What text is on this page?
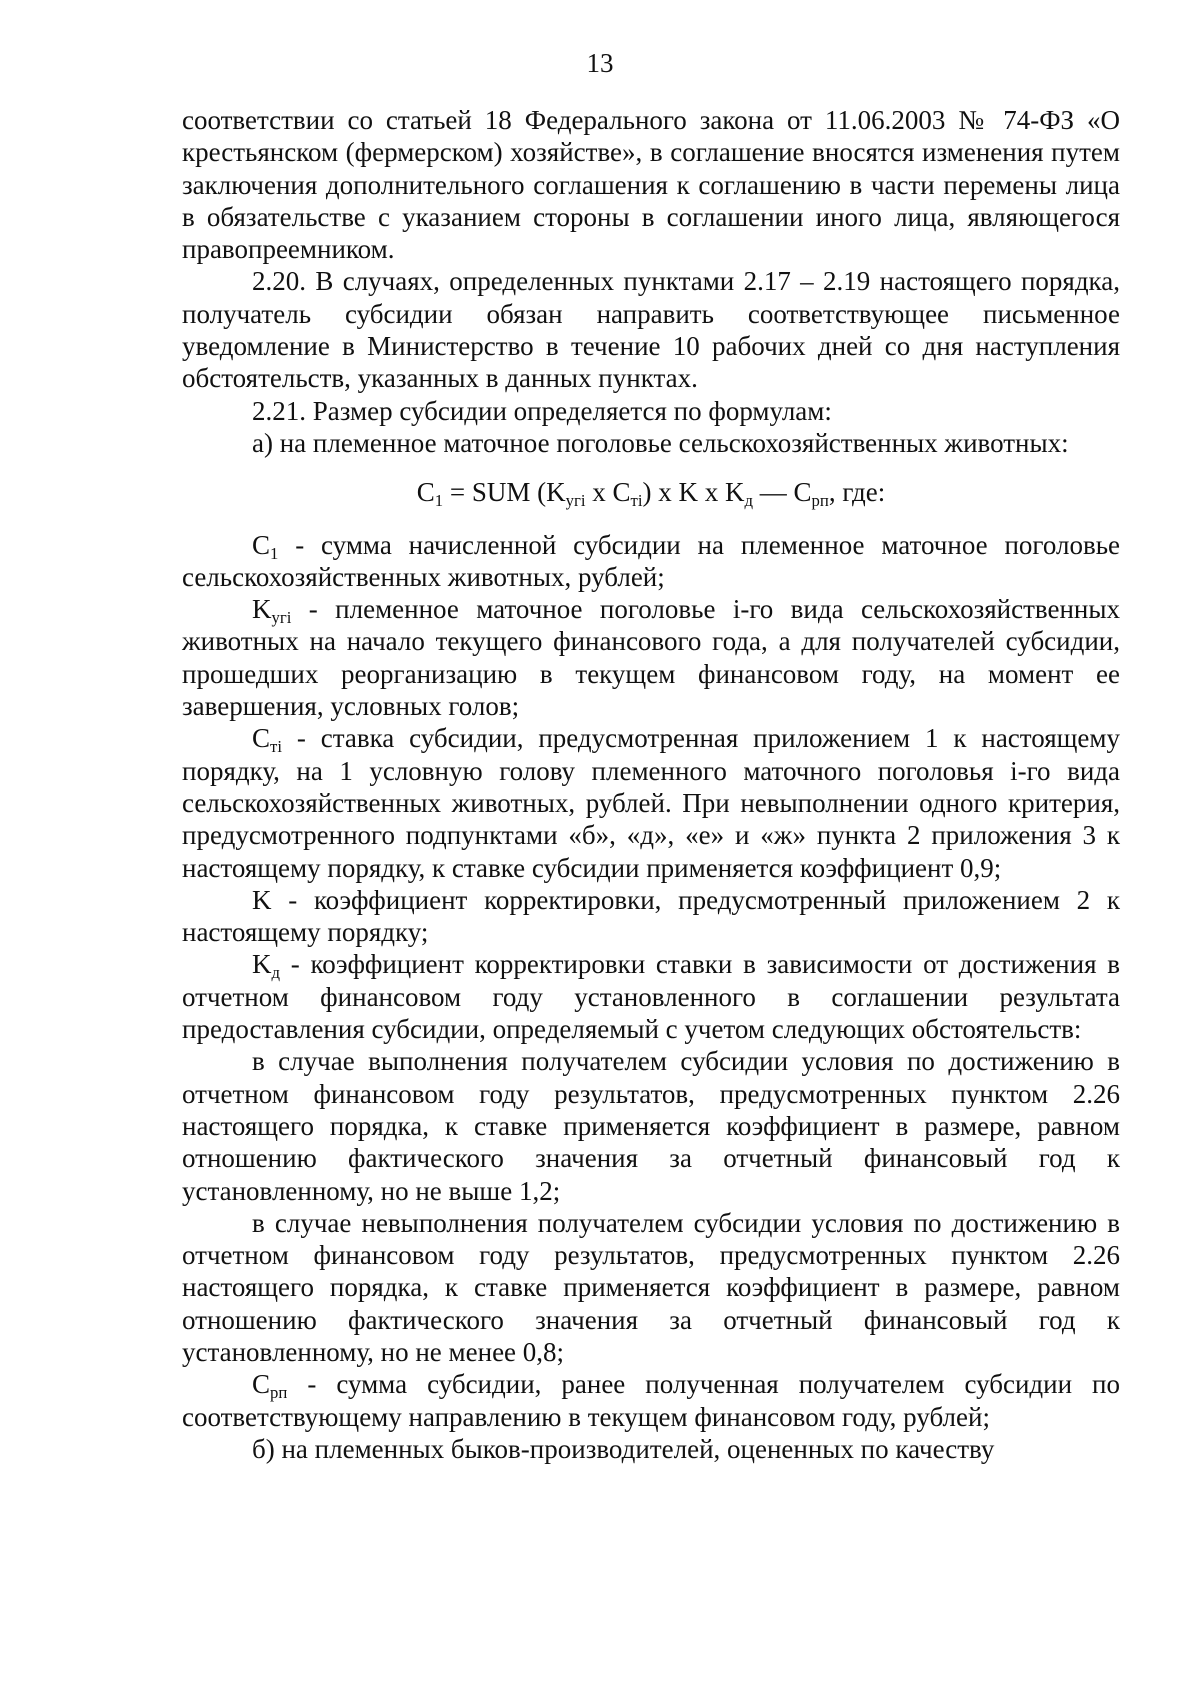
13

соответствии со статьей 18 Федерального закона от 11.06.2003 № 74-ФЗ «О крестьянском (фермерском) хозяйстве», в соглашение вносятся изменения путем заключения дополнительного соглашения к соглашению в части перемены лица в обязательстве с указанием стороны в соглашении иного лица, являющегося правопреемником.

2.20. В случаях, определенных пунктами 2.17 – 2.19 настоящего порядка, получатель субсидии обязан направить соответствующее письменное уведомление в Министерство в течение 10 рабочих дней со дня наступления обстоятельств, указанных в данных пунктах.

2.21. Размер субсидии определяется по формулам:

а) на племенное маточное поголовье сельскохозяйственных животных:

$C_1$ = SUM ($K_{yгi}$ x $C_{тi}$) x K x $K_д$ — $C_{рп}$, где:

$C_1$ - сумма начисленной субсидии на племенное маточное поголовье сельскохозяйственных животных, рублей;

$K_{yгi}$ - племенное маточное поголовье i-го вида сельскохозяйственных животных на начало текущего финансового года, а для получателей субсидии, прошедших реорганизацию в текущем финансовом году, на момент ее завершения, условных голов;

$C_{тi}$ - ставка субсидии, предусмотренная приложением 1 к настоящему порядку, на 1 условную голову племенного маточного поголовья i-го вида сельскохозяйственных животных, рублей. При невыполнении одного критерия, предусмотренного подпунктами «б», «д», «е» и «ж» пункта 2 приложения 3 к настоящему порядку, к ставке субсидии применяется коэффициент 0,9;

K - коэффициент корректировки, предусмотренный приложением 2 к настоящему порядку;

$K_д$ - коэффициент корректировки ставки в зависимости от достижения в отчетном финансовом году установленного в соглашении результата предоставления субсидии, определяемый с учетом следующих обстоятельств:

в случае выполнения получателем субсидии условия по достижению в отчетном финансовом году результатов, предусмотренных пунктом 2.26 настоящего порядка, к ставке применяется коэффициент в размере, равном отношению фактического значения за отчетный финансовый год к установленному, но не выше 1,2;

в случае невыполнения получателем субсидии условия по достижению в отчетном финансовом году результатов, предусмотренных пунктом 2.26 настоящего порядка, к ставке применяется коэффициент в размере, равном отношению фактического значения за отчетный финансовый год к установленному, но не менее 0,8;

$C_{рп}$ - сумма субсидии, ранее полученная получателем субсидии по соответствующему направлению в текущем финансовом году, рублей;

б) на племенных быков-производителей, оцененных по качеству
